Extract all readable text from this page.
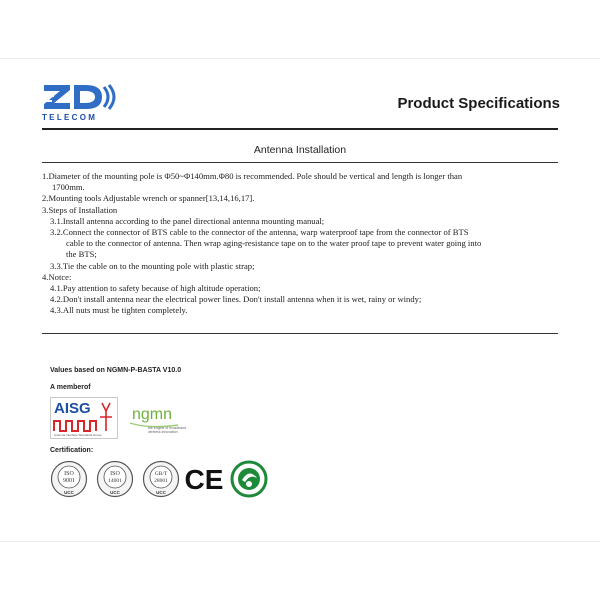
TELECOM
Product Specifications
Antenna Installation

1.Diameter of the mounting pole is Φ50~Φ140mm.Φ80 is recommended. Pole should be vertical and length is longer than

1700mm.

2.Mounting tools Adjustable wrench or spanner[13,14,16,17].

3.Steps of Installation

3.1.Install antenna according to the panel directional antenna mounting manual;

3.2.Connect the connector of BTS cable to the connector of the antenna, warp waterproof tape from the connector of BTS

cable to the connector of antenna. Then wrap aging-resistance tape on to the water proof tape to prevent water going into

the BTS;

3.3.Tie the cable on to the mounting pole with plastic strap;

4.Notce:

4.1.Pay attention to safety because of high altitude operation;

4.2.Don't install antenna near the electrical power lines. Don't install antenna when it is wet, rainy or windy;

4.3.All nuts must be tighten completely.

Values based on NGMN-P-BASTA V10.0
A memberof
AISG
Antenna Interface Standards Group
ngmn
the engine of broadband
wireless innovation
Certification:
ISO
9001
UCC
ISO
14001
UCC
GB/T
28001
UCC CE
